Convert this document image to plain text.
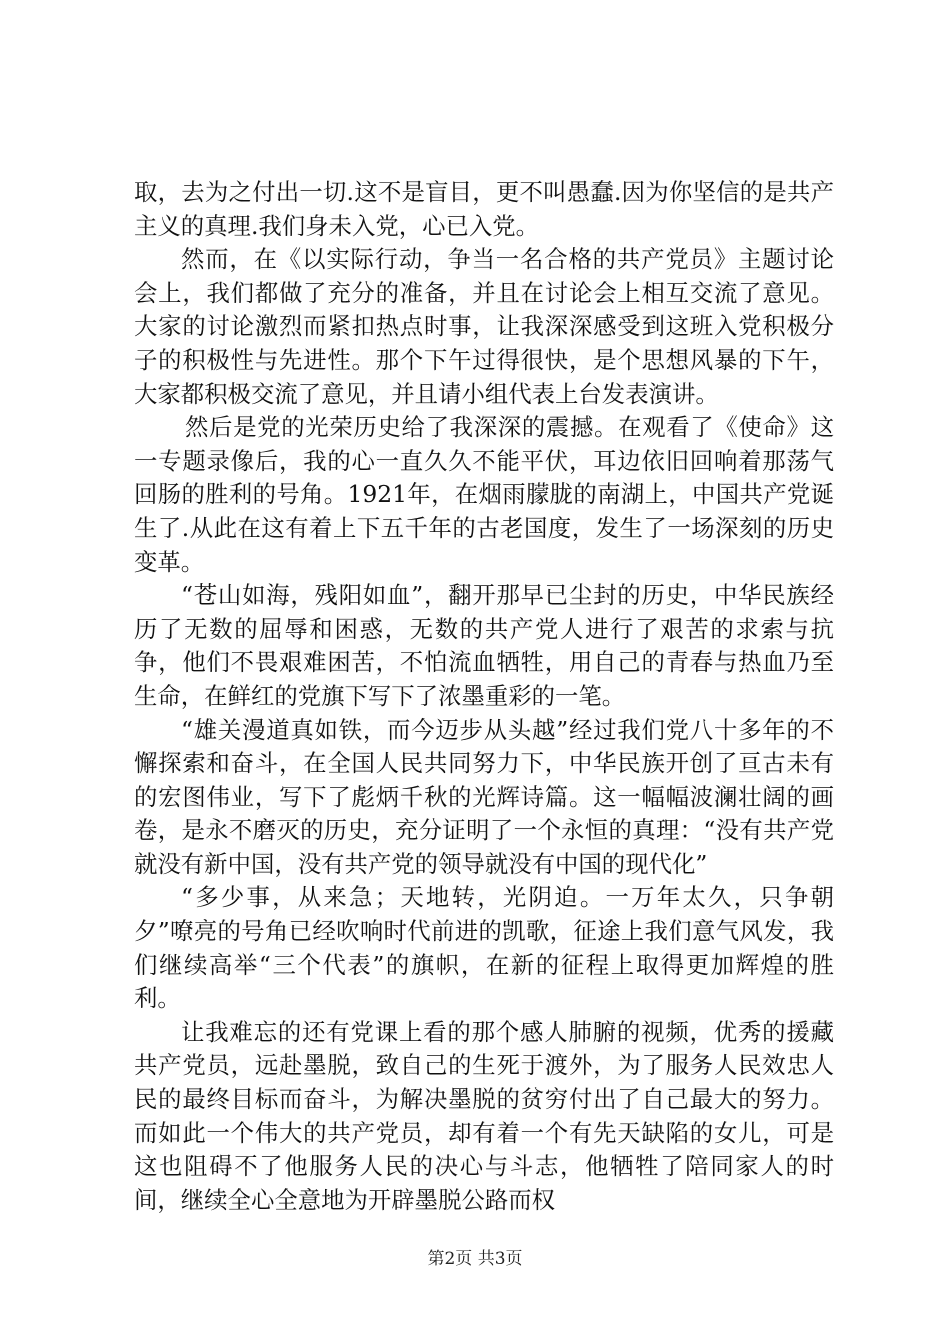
取，去为之付出一切.这不是盲目，更不叫愚蠢.因为你坚信的是共产主义的真理.我们身未入党，心已入党。

然而，在《以实际行动，争当一名合格的共产党员》主题讨论会上，我们都做了充分的准备，并且在讨论会上相互交流了意见。大家的讨论激烈而紧扣热点时事，让我深深感受到这班入党积极分子的积极性与先进性。那个下午过得很快，是个思想风暴的下午，大家都积极交流了意见，并且请小组代表上台发表演讲。

然后是党的光荣历史给了我深深的震撼。在观看了《使命》这一专题录像后，我的心一直久久不能平伏，耳边依旧回响着那荡气回肠的胜利的号角。1921年，在烟雨朦胧的南湖上，中国共产党诞生了.从此在这有着上下五千年的古老国度，发生了一场深刻的历史变革。

“苍山如海，残阳如血”，翻开那早已尘封的历史，中华民族经历了无数的屈辱和困惑，无数的共产党人进行了艰苦的求索与抗争，他们不畏艰难困苦，不怕流血牺牲，用自己的青春与热血乃至生命，在鲜红的党旗下写下了浓墨重彩的一笔。

“雄关漫道真如铁，而今迈步从头越”经过我们党八十多年的不懈探索和奋斗，在全国人民共同努力下，中华民族开创了亘古未有的宏图伟业，写下了彪炳千秋的光辉诗篇。这一幅幅波澜壮阔的画卷，是永不磨灭的历史，充分证明了一个永恒的真理：“没有共产党就没有新中国，没有共产党的领导就没有中国的现代化”

“多少事，从来急；天地转，光阴迫。一万年太久，只争朝夕”嘹亮的号角已经吹响时代前进的凯歌，征途上我们意气风发，我们继续高举“三个代表”的旗帜，在新的征程上取得更加辉煌的胜利。

让我难忘的还有党课上看的那个感人肺腑的视频，优秀的援藏共产党员，远赴墨脱，致自己的生死于渡外，为了服务人民效忠人民的最终目标而奋斗，为解决墨脱的贫穷付出了自己最大的努力。而如此一个伟大的共产党员，却有着一个有先天缺陷的女儿，可是这也阻碍不了他服务人民的决心与斗志，他牺牲了陪同家人的时间，继续全心全意地为开辟墨脱公路而权

第2页 共3页
